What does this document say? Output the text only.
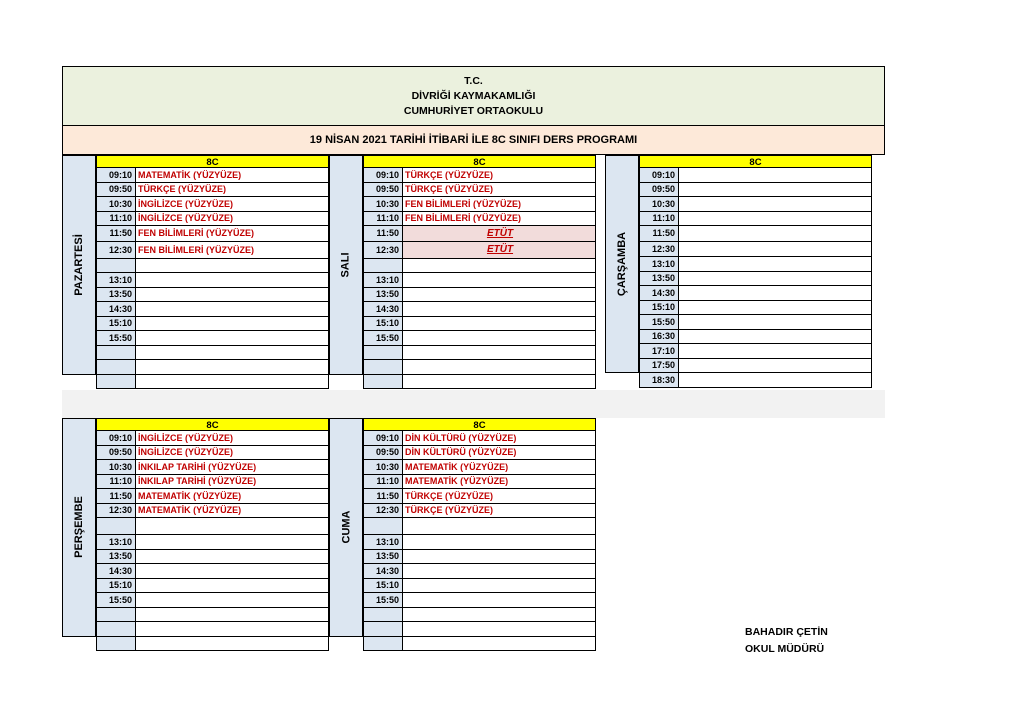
T.C.
DİVRİĞİ KAYMAKAMLIĞI
CUMHURİYET ORTAOKULU
19 NİSAN 2021 TARİHİ İTİBARİ İLE 8C SINIFI DERS PROGRAMI
PAZARTESİ
8C
09:10 MATEMATİK (YÜZYÜZE)
09:50 TÜRKÇE (YÜZYÜZE)
10:30 İNGİLİZCE (YÜZYÜZE)
11:10 İNGİLİZCE (YÜZYÜZE)
11:50 FEN BİLİMLERİ (YÜZYÜZE)
12:30 FEN BİLİMLERİ (YÜZYÜZE)
13:10
13:50
14:30
15:10
15:50
SALI
8C
09:10 TÜRKÇE (YÜZYÜZE)
09:50 TÜRKÇE (YÜZYÜZE)
10:30 FEN BİLİMLERİ (YÜZYÜZE)
11:10 FEN BİLİMLERİ (YÜZYÜZE)
11:50	ETÜT
12:30	ETÜT
13:10
13:50
14:30
15:10
15:50
ÇARŞAMBA
8C
09:10
09:50
10:30
11:10
11:50
12:30
13:10
13:50
14:30
15:10
15:50
16:30
17:10
17:50
18:30
PERŞEMBE
8C
09:10 İNGİLİZCE (YÜZYÜZE)
09:50 İNGİLİZCE (YÜZYÜZE)
10:30 İNKILAP TARİHİ (YÜZYÜZE)
11:10 İNKILAP TARİHİ (YÜZYÜZE)
11:50 MATEMATİK (YÜZYÜZE)
12:30 MATEMATİK (YÜZYÜZE)
13:10
13:50
14:30
15:10
15:50
CUMA
8C
09:10 DİN KÜLTÜRÜ (YÜZYÜZE)
09:50 DİN KÜLTÜRÜ (YÜZYÜZE)
10:30 MATEMATİK (YÜZYÜZE)
11:10 MATEMATİK (YÜZYÜZE)
11:50 TÜRKÇE (YÜZYÜZE)
12:30 TÜRKÇE (YÜZYÜZE)
13:10
13:50
14:30
15:10
15:50
BAHADIR ÇETİN
OKUL MÜDÜRÜ
